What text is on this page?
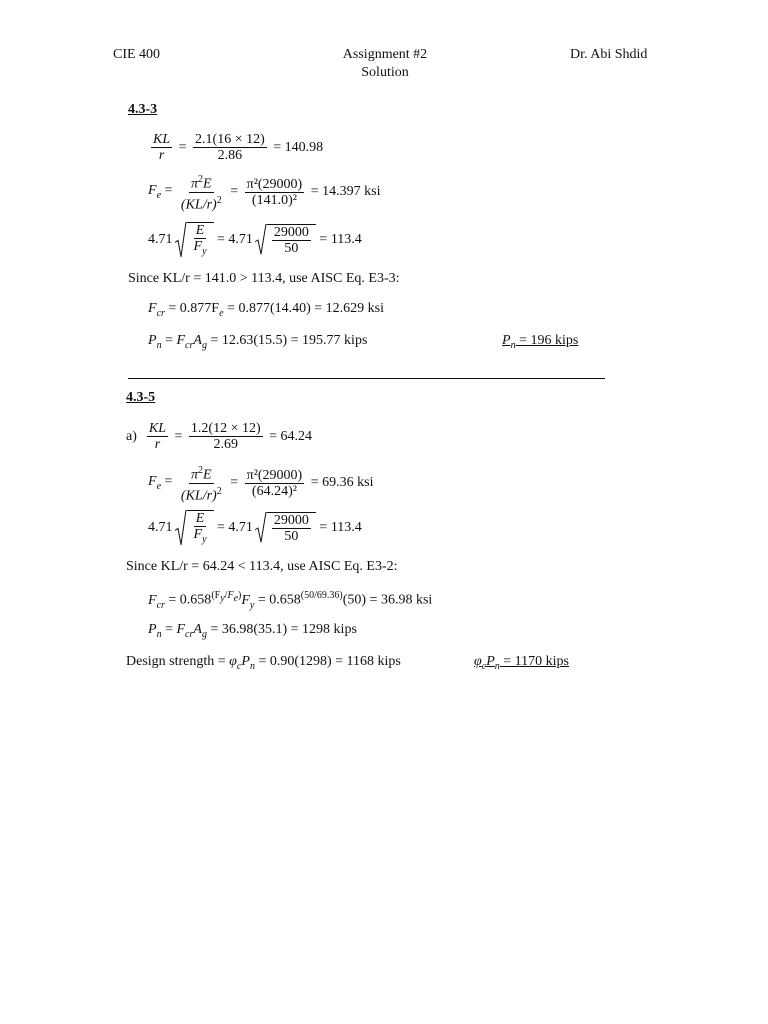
CIE 400	Assignment #2
Solution
Dr. Abi Shdid
4.3-3
$\frac{KL}{r} = \frac{2.1(16 \times 12)}{2.86}$
= 140.98
$F_e = \frac{\pi^2E}{(KL/r)^2} = \frac{\text{π²(29000)}}{\text{(141.0)²}}$
= 14.397 ksi
$4.71 \frac{E}{F_y}$
= $4.71 \frac{29000}{50}$
= 113.4
Since KL/r = 141.0 > 113.4, use AISC Eq. E3-3:
$F_{cr} = 0.877F_e = 0.877(14.40) = 12.629$ ksi
$P_n = F_{cr}A_g = 12.63(15.5) = 195.77$ kips	$P_n = 196$ kips
4.3-5
a)
$\frac{KL}{r} = \frac{1.2(12 \times 12)}{2.69}$
= 64.24
$F_e = \frac{\pi^2E}{(KL/r)^2} = \frac{\text{π²(29000)}}{\text{(64.24)²}}$
= 69.36 ksi
$4.71 \frac{E}{F_y}$
= $4.71 \frac{29000}{50}$
= 113.4
Since KL/r = 64.24 < 113.4, use AISC Eq. E3-2:
$F_{cr} = 0.658^{(F_y/F_e)}F_y = 0.658^{(50/69.36)}(50) = 36.98$ ksi
$P_n = F_{cr}A_g = 36.98(35.1) = 1298$ kips
Design strength = $\varphi_cP_n = 0.90(1298) = 1168$ kips	$\varphi_cP_n = 1170$ kips
